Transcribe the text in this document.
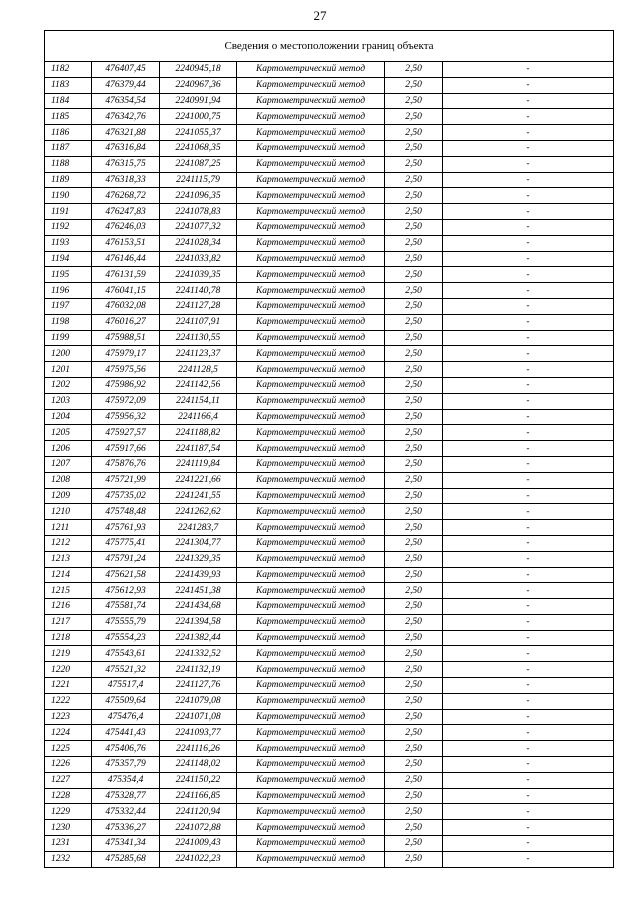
27
Сведения о местоположении границ объекта					
1182	476407,45	2240945,18	Картометрический метод	2,50	-
1183	476379,44	2240967,36	Картометрический метод	2,50	-
1184	476354,54	2240991,94	Картометрический метод	2,50	-
1185	476342,76	2241000,75	Картометрический метод	2,50	-
1186	476321,88	2241055,37	Картометрический метод	2,50	-
1187	476316,84	2241068,35	Картометрический метод	2,50	-
1188	476315,75	2241087,25	Картометрический метод	2,50	-
1189	476318,33	2241115,79	Картометрический метод	2,50	-
1190	476268,72	2241096,35	Картометрический метод	2,50	-
1191	476247,83	2241078,83	Картометрический метод	2,50	-
1192	476246,03	2241077,32	Картометрический метод	2,50	-
1193	476153,51	2241028,34	Картометрический метод	2,50	-
1194	476146,44	2241033,82	Картометрический метод	2,50	-
1195	476131,59	2241039,35	Картометрический метод	2,50	-
1196	476041,15	2241140,78	Картометрический метод	2,50	-
1197	476032,08	2241127,28	Картометрический метод	2,50	-
1198	476016,27	2241107,91	Картометрический метод	2,50	-
1199	475988,51	2241130,55	Картометрический метод	2,50	-
1200	475979,17	2241123,37	Картометрический метод	2,50	-
1201	475975,56	2241128,5	Картометрический метод	2,50	-
1202	475986,92	2241142,56	Картометрический метод	2,50	-
1203	475972,09	2241154,11	Картометрический метод	2,50	-
1204	475956,32	2241166,4	Картометрический метод	2,50	-
1205	475927,57	2241188,82	Картометрический метод	2,50	-
1206	475917,66	2241187,54	Картометрический метод	2,50	-
1207	475876,76	2241119,84	Картометрический метод	2,50	-
1208	475721,99	2241221,66	Картометрический метод	2,50	-
1209	475735,02	2241241,55	Картометрический метод	2,50	-
1210	475748,48	2241262,62	Картометрический метод	2,50	-
1211	475761,93	2241283,7	Картометрический метод	2,50	-
1212	475775,41	2241304,77	Картометрический метод	2,50	-
1213	475791,24	2241329,35	Картометрический метод	2,50	-
1214	475621,58	2241439,93	Картометрический метод	2,50	-
1215	475612,93	2241451,38	Картометрический метод	2,50	-
1216	475581,74	2241434,68	Картометрический метод	2,50	-
1217	475555,79	2241394,58	Картометрический метод	2,50	-
1218	475554,23	2241382,44	Картометрический метод	2,50	-
1219	475543,61	2241332,52	Картометрический метод	2,50	-
1220	475521,32	2241132,19	Картометрический метод	2,50	-
1221	475517,4	2241127,76	Картометрический метод	2,50	-
1222	475509,64	2241079,08	Картометрический метод	2,50	-
1223	475476,4	2241071,08	Картометрический метод	2,50	-
1224	475441,43	2241093,77	Картометрический метод	2,50	-
1225	475406,76	2241116,26	Картометрический метод	2,50	-
1226	475357,79	2241148,02	Картометрический метод	2,50	-
1227	475354,4	2241150,22	Картометрический метод	2,50	-
1228	475328,77	2241166,85	Картометрический метод	2,50	-
1229	475332,44	2241120,94	Картометрический метод	2,50	-
1230	475336,27	2241072,88	Картометрический метод	2,50	-
1231	475341,34	2241009,43	Картометрический метод	2,50	-
1232	475285,68	2241022,23	Картометрический метод	2,50	-
